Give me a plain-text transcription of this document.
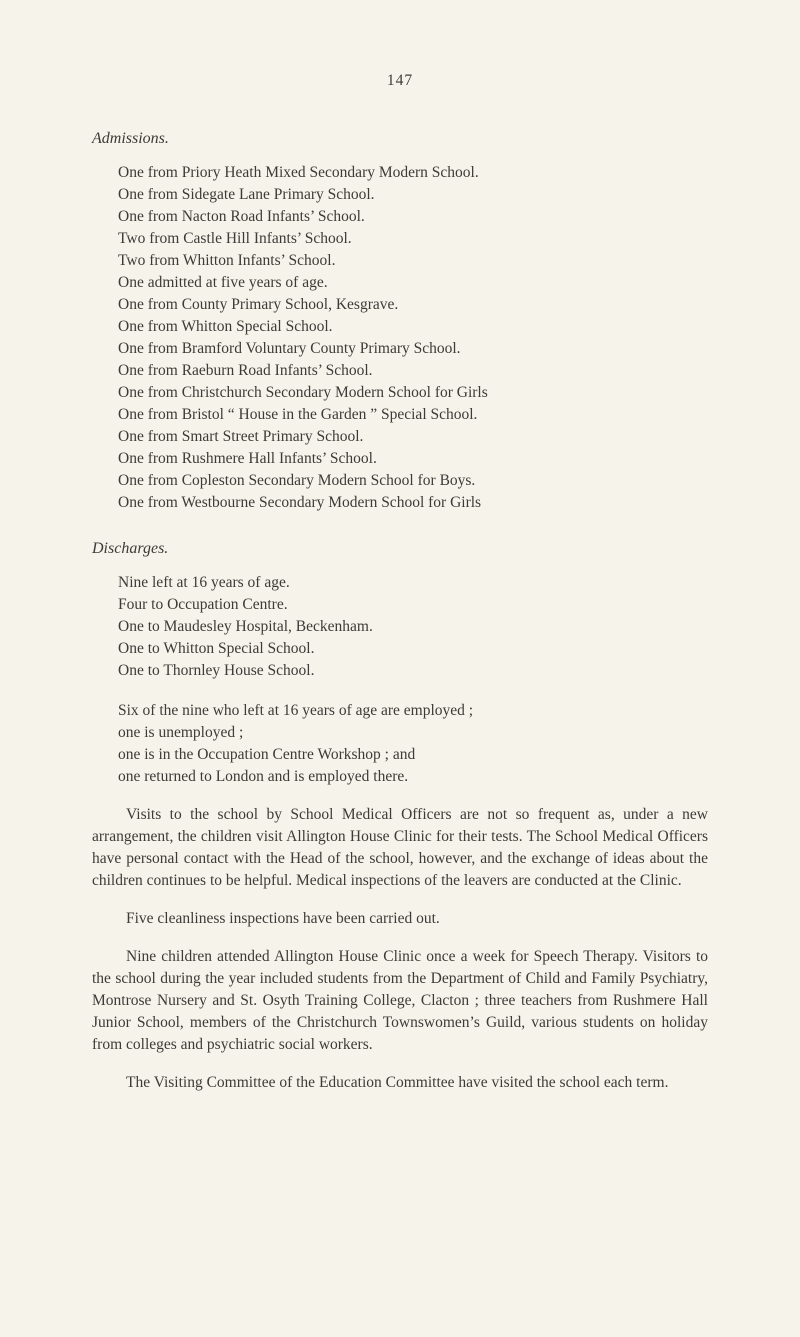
147
Admissions.
One from Priory Heath Mixed Secondary Modern School.
One from Sidegate Lane Primary School.
One from Nacton Road Infants’ School.
Two from Castle Hill Infants’ School.
Two from Whitton Infants’ School.
One admitted at five years of age.
One from County Primary School, Kesgrave.
One from Whitton Special School.
One from Bramford Voluntary County Primary School.
One from Raeburn Road Infants’ School.
One from Christchurch Secondary Modern School for Girls
One from Bristol “ House in the Garden ” Special School.
One from Smart Street Primary School.
One from Rushmere Hall Infants’ School.
One from Copleston Secondary Modern School for Boys.
One from Westbourne Secondary Modern School for Girls
Discharges.
Nine left at 16 years of age.
Four to Occupation Centre.
One to Maudesley Hospital, Beckenham.
One to Whitton Special School.
One to Thornley House School.
Six of the nine who left at 16 years of age are employed ;
one is unemployed ;
one is in the Occupation Centre Workshop ; and
one returned to London and is employed there.

Visits to the school by School Medical Officers are not so frequent as, under a new arrangement, the children visit Allington House Clinic for their tests. The School Medical Officers have personal contact with the Head of the school, however, and the exchange of ideas about the children continues to be helpful. Medical inspections of the leavers are conducted at the Clinic.

Five cleanliness inspections have been carried out.

Nine children attended Allington House Clinic once a week for Speech Therapy. Visitors to the school during the year included students from the Department of Child and Family Psychiatry, Montrose Nursery and St. Osyth Training College, Clacton ; three teachers from Rushmere Hall Junior School, members of the Christchurch Townswomen’s Guild, various students on holiday from colleges and psychiatric social workers.

The Visiting Committee of the Education Committee have visited the school each term.
